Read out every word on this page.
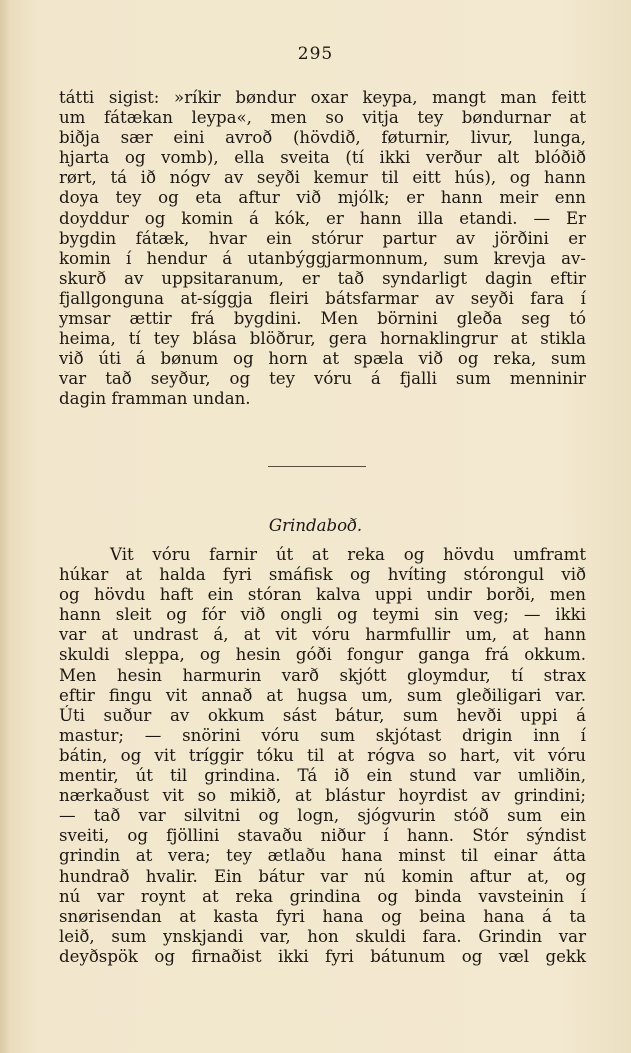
295
tátti sigist: »ríkir bøndur oxar keypa, mangt man feitt
um fátækan leypa«, men so vitja tey bøndurnar at
biðja sær eini avroð (hövdið, føturnir, livur, lunga,
hjarta og vomb), ella sveita (tí ikki verður alt blóðið
rørt, tá ið nógv av seyði kemur til eitt hús), og hann
doya tey og eta aftur við mjólk; er hann meir enn
doyddur og komin á kók, er hann illa etandi. — Er
bygdin fátæk, hvar ein stórur partur av jörðini er
komin í hendur á utanbýggjarmonnum, sum krevja av-
skurð av uppsitaranum, er tað syndarligt dagin eftir
fjallgonguna at-síggja fleiri bátsfarmar av seyði fara í
ymsar ættir frá bygdini. Men börnini gleða seg tó
heima, tí tey blása blöðrur, gera hornaklingrur at stikla
við úti á bønum og horn at spæla við og reka, sum
var tað seyður, og tey vóru á fjalli sum menninir
dagin framman undan.
Grindaboð.
Vit vóru farnir út at reka og hövdu umframt
húkar at halda fyri smáfisk og hvíting stórongul við
og hövdu haft ein stóran kalva uppi undir borði, men
hann sleit og fór við ongli og teymi sin veg; — ikki
var at undrast á, at vit vóru harmfullir um, at hann
skuldi sleppa, og hesin góði fongur ganga frá okkum.
Men hesin harmurin varð skjótt gloymdur, tí strax
eftir fingu vit annað at hugsa um, sum gleðiligari var.
Úti suður av okkum sást bátur, sum hevði uppi á
mastur; — snörini vóru sum skjótast drigin inn í
bátin, og vit tríggir tóku til at rógva so hart, vit vóru
mentir, út til grindina. Tá ið ein stund var umliðin,
nærkaðust vit so mikið, at blástur hoyrdist av grindini;
— tað var silvitni og logn, sjógvurin stóð sum ein
sveiti, og fjöllini stavaðu niður í hann. Stór sýndist
grindin at vera; tey ætlaðu hana minst til einar átta
hundrað hvalir. Ein bátur var nú komin aftur at, og
nú var roynt at reka grindina og binda vavsteinin í
snørisendan at kasta fyri hana og beina hana á ta
leið, sum ynskjandi var, hon skuldi fara. Grindin var
deyðspök og firnaðist ikki fyri bátunum og væl gekk
